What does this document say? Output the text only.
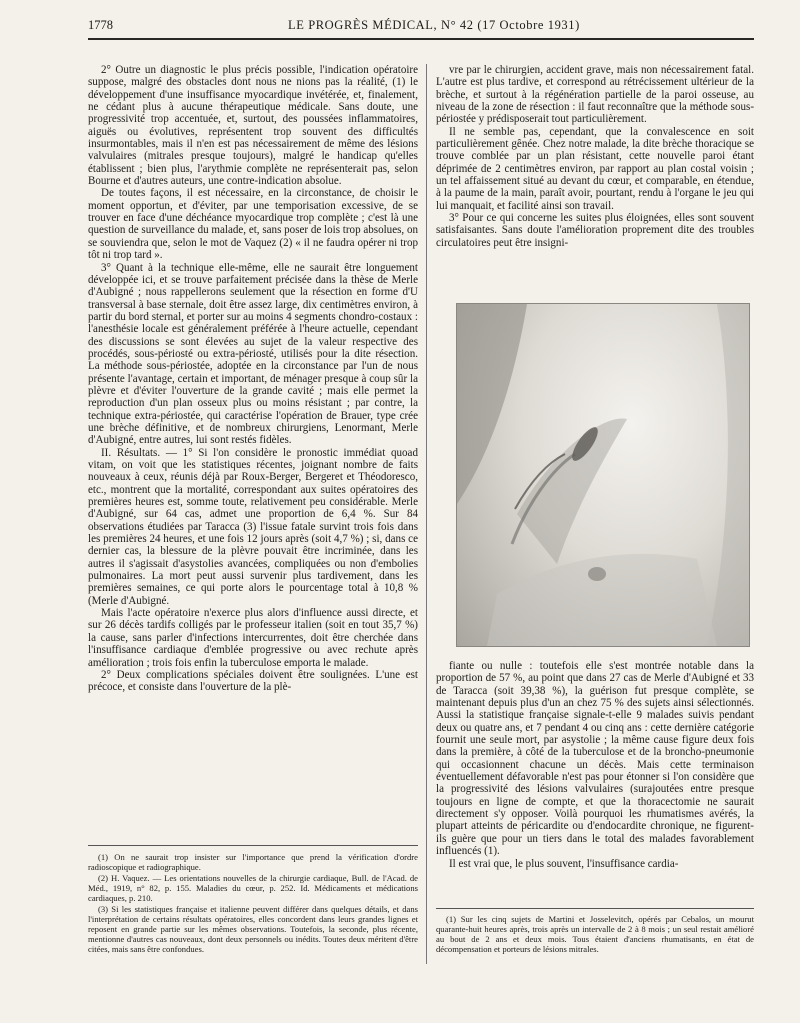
1778	LE PROGRÈS MÉDICAL, N° 42 (17 Octobre 1931)

2° Outre un diagnostic le plus précis possible, l'indication opératoire suppose, malgré des obstacles dont nous ne nions pas la réalité, (1) le développement d'une insuffisance myocardique invétérée, et, finalement, ne cédant plus à aucune thérapeutique médicale. Sans doute, une progressivité trop accentuée, et, surtout, des poussées inflammatoires, aiguës ou évolutives, représentent trop souvent des difficultés insurmontables, mais il n'en est pas nécessairement de même des lésions valvulaires (mitrales presque toujours), malgré le handicap qu'elles établissent ; bien plus, l'arythmie complète ne représenterait pas, selon Bourne et d'autres auteurs, une contre-indication absolue.

De toutes façons, il est nécessaire, en la circonstance, de choisir le moment opportun, et d'éviter, par une temporisation excessive, de se trouver en face d'une déchéance myocardique trop complète ; c'est là une question de surveillance du malade, et, sans poser de lois trop absolues, on se souviendra que, selon le mot de Vaquez (2) « il ne faudra opérer ni trop tôt ni trop tard ».

3° Quant à la technique elle-même, elle ne saurait être longuement développée ici, et se trouve parfaitement précisée dans la thèse de Merle d'Aubigné ; nous rappellerons seulement que la résection en forme d'U transversal à base sternale, doit être assez large, dix centimètres environ, à partir du bord sternal, et porter sur au moins 4 segments chondro-costaux : l'anesthésie locale est généralement préférée à l'heure actuelle, cependant des discussions se sont élevées au sujet de la valeur respective des procédés, sous-périosté ou extra-périosté, utilisés pour la dite résection. La méthode sous-périostée, adoptée en la circonstance par l'un de nous présente l'avantage, certain et important, de ménager presque à coup sûr la plèvre et d'éviter l'ouverture de la grande cavité ; mais elle permet la reproduction d'un plan osseux plus ou moins résistant ; par contre, la technique extra-périostée, qui caractérise l'opération de Brauer, type crée une brèche définitive, et de nombreux chirurgiens, Lenormant, Merle d'Aubigné, entre autres, lui sont restés fidèles.

II. Résultats. — 1° Si l'on considère le pronostic immédiat quoad vitam, on voit que les statistiques récentes, joignant nombre de faits nouveaux à ceux, réunis déjà par Roux-Berger, Bergeret et Théodoresco, etc., montrent que la mortalité, correspondant aux suites opératoires des premières heures est, somme toute, relativement peu considérable. Merle d'Aubigné, sur 64 cas, admet une proportion de 6,4 %. Sur 84 observations étudiées par Taracca (3) l'issue fatale survint trois fois dans les premières 24 heures, et une fois 12 jours après (soit 4,7 %) ; si, dans ce dernier cas, la blessure de la plèvre pouvait être incriminée, dans les autres il s'agissait d'asystolies avancées, compliquées ou non d'embolies pulmonaires. La mort peut aussi survenir plus tardivement, dans les premières semaines, ce qui porte alors le pourcentage total à 10,8 % (Merle d'Aubigné.

Mais l'acte opératoire n'exerce plus alors d'influence aussi directe, et sur 26 décès tardifs colligés par le professeur italien (soit en tout 35,7 %) la cause, sans parler d'infections intercurrentes, doit être cherchée dans l'insuffisance cardiaque d'emblée progressive ou avec rechute après amélioration ; trois fois enfin la tuberculose emporta le malade.

2° Deux complications spéciales doivent être soulignées. L'une est précoce, et consiste dans l'ouverture de la plè-

(1) On ne saurait trop insister sur l'importance que prend la vérification d'ordre radioscopique et radiographique.

(2) H. Vaquez. — Les orientations nouvelles de la chirurgie cardiaque, Bull. de l'Acad. de Méd., 1919, n° 82, p. 155. Maladies du cœur, p. 252. Id. Médicaments et médications cardiaques, p. 210.

(3) Si les statistiques française et italienne peuvent différer dans quelques détails, et dans l'interprétation de certains résultats opératoires, elles concordent dans leurs grandes lignes et reposent en grande partie sur les mêmes observations. Toutefois, la seconde, plus récente, mentionne d'autres cas nouveaux, dont deux personnels ou inédits. Toutes deux méritent d'être citées, mais sans être confondues.

vre par le chirurgien, accident grave, mais non nécessairement fatal. L'autre est plus tardive, et correspond au rétrécissement ultérieur de la brèche, et surtout à la régénération partielle de la paroi osseuse, au niveau de la zone de résection : il faut reconnaître que la méthode sous-périostée y prédisposerait tout particulièrement.

Il ne semble pas, cependant, que la convalescence en soit particulièrement gênée. Chez notre malade, la dite brèche thoracique se trouve comblée par un plan résistant, cette nouvelle paroi étant déprimée de 2 centimètres environ, par rapport au plan costal voisin ; un tel affaissement situé au devant du cœur, et comparable, en étendue, à la paume de la main, paraît avoir, pourtant, rendu à l'organe le jeu qui lui manquait, et facilité ainsi son travail.

3° Pour ce qui concerne les suites plus éloignées, elles sont souvent satisfaisantes. Sans doute l'amélioration proprement dite des troubles circulatoires peut être insigni-

fiante ou nulle : toutefois elle s'est montrée notable dans la proportion de 57 %, au point que dans 27 cas de Merle d'Aubigné et 33 de Taracca (soit 39,38 %), la guérison fut presque complète, se maintenant depuis plus d'un an chez 75 % des sujets ainsi sélectionnés. Aussi la statistique française signale-t-elle 9 malades suivis pendant deux ou quatre ans, et 7 pendant 4 ou cinq ans : cette dernière catégorie fournit une seule mort, par asystolie ; la même cause figure deux fois dans la première, à côté de la tuberculose et de la broncho-pneumonie qui occasionnent chacune un décès. Mais cette terminaison éventuellement défavorable n'est pas pour étonner si l'on considère que la progressivité des lésions valvulaires (surajoutées entre presque toujours en ligne de compte, et que la thoracectomie ne saurait directement s'y opposer. Voilà pourquoi les rhumatismes avérés, la plupart atteints de péricardite ou d'endocardite chronique, ne figurent-ils guère que pour un tiers dans le total des malades favorablement influencés (1).

Il est vrai que, le plus souvent, l'insuffisance cardia-

(1) Sur les cinq sujets de Martini et Josselevitch, opérés par Cebalos, un mourut quarante-huit heures après, trois après un intervalle de 2 à 8 mois ; un seul restait amélioré au bout de 2 ans et deux mois. Tous étaient d'anciens rhumatisants, en état de décompensation et porteurs de lésions mitrales.
